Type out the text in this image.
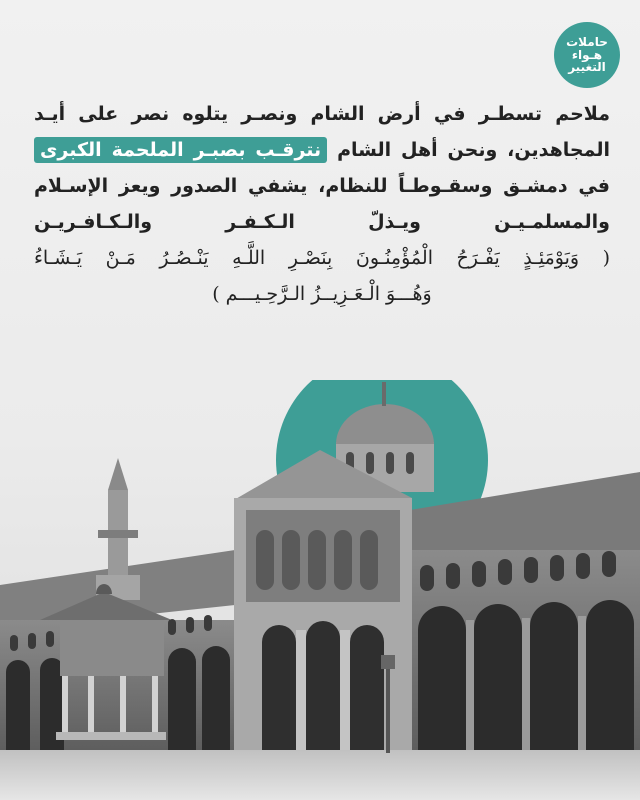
حاملات
هـواء
التغيير
ملاحم تسطـر في أرض الشام ونصـر يتلوه نصر على أيـد
المجاهدين، ونحن أهل الشام نترقـب بصبـر الملحمة الكبرى
في دمشـق وسقـوطـاً للنظام، يشفي الصدور ويعز الإسـلام
والمسلمـيـن ويـذلّ الـكـفـر والـكـافـريـن
( وَيَوْمَئِـذٍ يَفْـرَحُ الْمُؤْمِنُـونَ بِنَصْـرِ اللَّـهِ يَنْـصُـرُ مَـنْ يَـشَـاءُ
وَهُـــوَ الْـعَـزِيــزُ الـرَّحِـيـــم )
